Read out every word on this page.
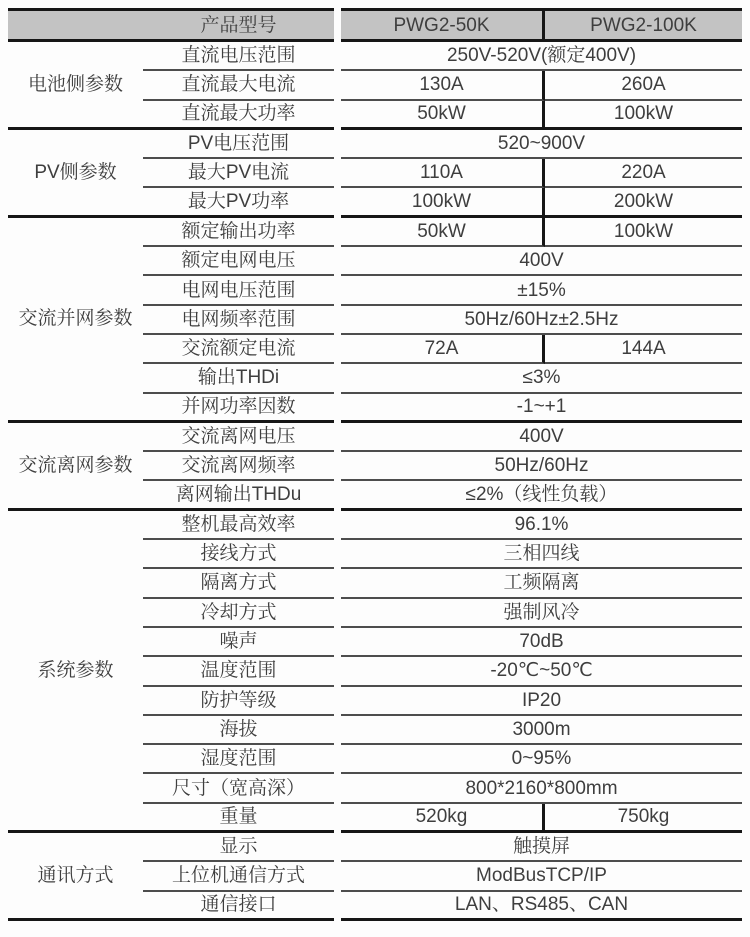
产品型号	PWG2-50K	PWG2-100K
电池侧参数
直流电压范围	250V-520V(额定400V)
直流最大电流	130A	260A
直流最大功率	50kW	100kW
PV侧参数
PV电压范围	520~900V
最大PV电流	110A	220A
最大PV功率	100kW	200kW
交流并网参数
额定输出功率	50kW	100kW
额定电网电压	400V
电网电压范围	±15%
电网频率范围	50Hz/60Hz±2.5Hz
交流额定电流	72A	144A
输出THDi	≤3%
并网功率因数	-1~+1
交流离网参数
交流离网电压	400V
交流离网频率	50Hz/60Hz
离网输出THDu	≤2%（线性负载）
系统参数
整机最高效率	96.1%
接线方式	三相四线
隔离方式	工频隔离
冷却方式	强制风冷
噪声	70dB
温度范围	-20℃~50℃
防护等级	IP20
海拔	3000m
湿度范围	0~95%
尺寸（宽高深）	800*2160*800mm
重量	520kg	750kg
通讯方式
显示	触摸屏
上位机通信方式	ModBusTCP/IP
通信接口	LAN、RS485、CAN
